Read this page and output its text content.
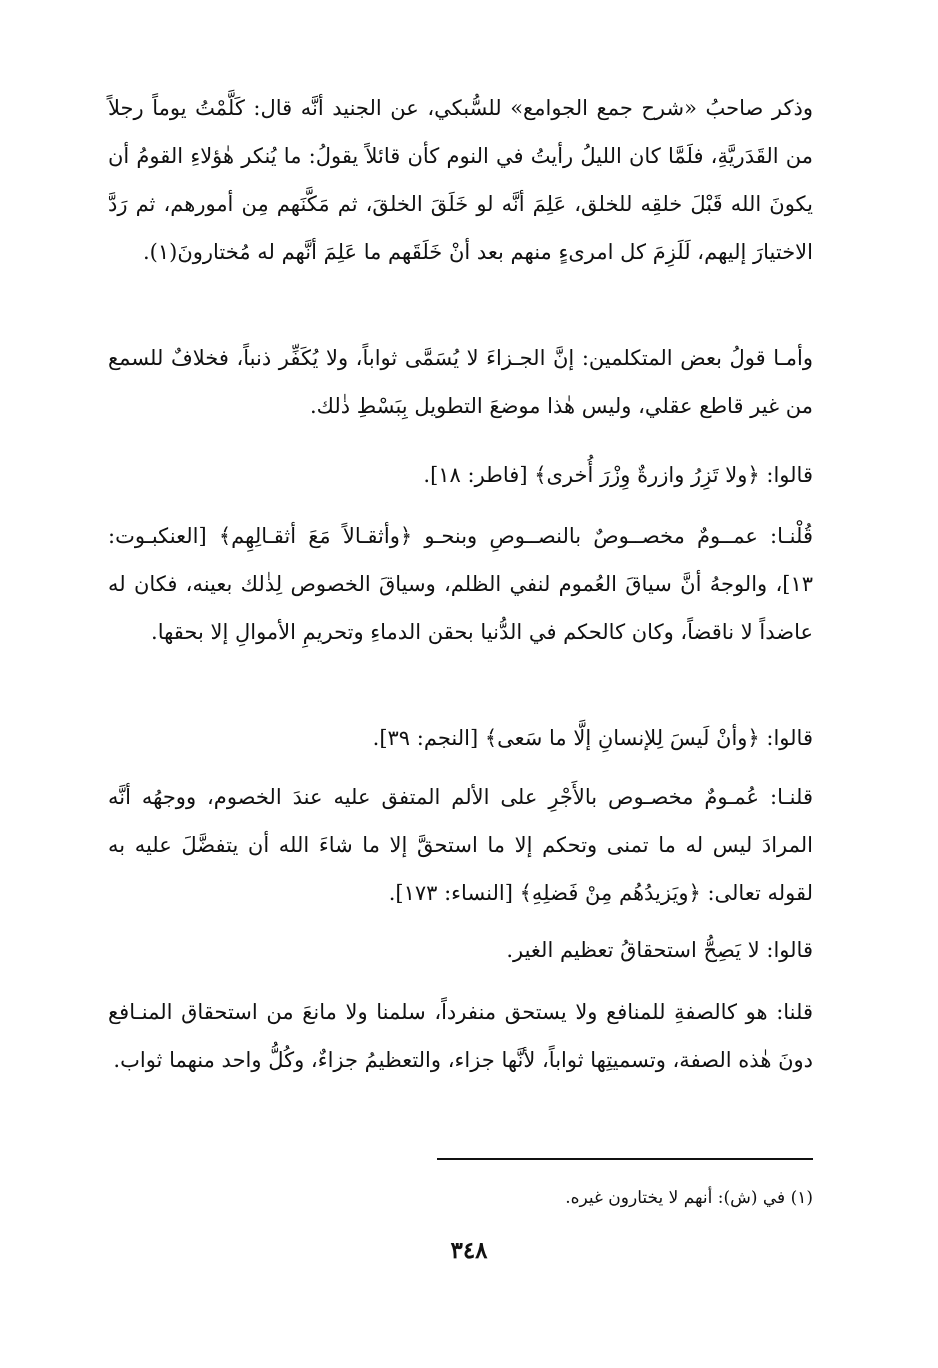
وذكر صاحبُ «شرح جمع الجوامع» للسُّبكي، عن الجنيد أنَّه قال: كَلَّمْتُ يوماً رجلاً من القَدَريَّةِ، فلَمَّا كان الليلُ رأيتُ في النوم كأن قائلاً يقولُ: ما يُنكر هٰؤلاءِ القومُ أن يكونَ الله قَبْلَ خلقِه للخلق، عَلِمَ أنَّه لو خَلَقَ الخلقَ، ثم مَكَّنَهم مِن أمورهم، ثم رَدَّ الاختيارَ إليهم، لَلَزِمَ كل امرىءٍ منهم بعد أنْ خَلَقَهم ما عَلِمَ أنَّهم له مُختارونَ(١).
وأمـا قولُ بعض المتكلمين: إنَّ الجـزاءَ لا يُسَمَّى ثواباً، ولا يُكَفِّر ذنباً، فخلافٌ للسمع من غير قاطع عقلي، وليس هٰذا موضعَ التطويل بِبَسْطِ ذٰلك.
قالوا: ﴿ولا تَزِرُ وازرةٌ وِزْرَ أُخرى﴾ [فاطر: ١٨].
قُلْنـا: عمــومٌ مخصــوصٌ بالنصــوصِ وبنحـو ﴿وأثقـالاً مَعَ أثقـالِهِم﴾ [العنكبـوت: ١٣]، والوجهُ أنَّ سياقَ العُموم لنفي الظلم، وسياقَ الخصوص لِذٰلك بعينه، فكان له عاضداً لا ناقضاً، وكان كالحكم في الدُّنيا بحقن الدماءِ وتحريمِ الأموالِ إلا بحقها.
قالوا: ﴿وأنْ لَيسَ لِلإنسانِ إلَّا ما سَعى﴾ [النجم: ٣٩].
قلنـا: عُمـومٌ مخصـوص بالأَجْرِ على الألم المتفق عليه عندَ الخصوم، ووجهُه أنَّه المرادَ ليس له ما تمنى وتحكم إلا ما استحقَّ إلا ما شاءَ الله أن يتفضَّلَ عليه به لقوله تعالى: ﴿ويَزيدُهُم مِنْ فَضلِهِ﴾ [النساء: ١٧٣].
قالوا: لا يَصِحُّ استحقاقُ تعظيم الغير.
قلنا: هو كالصفةِ للمنافع ولا يستحق منفرداً، سلمنا ولا مانعَ من استحقاق المنـافع دونَ هٰذه الصفة، وتسميتِها ثواباً، لأنَّها جزاء، والتعظيمُ جزاءٌ، وكُلُّ واحد منهما ثواب.
(١) في (ش): أنهم لا يختارون غيره.
٣٤٨
